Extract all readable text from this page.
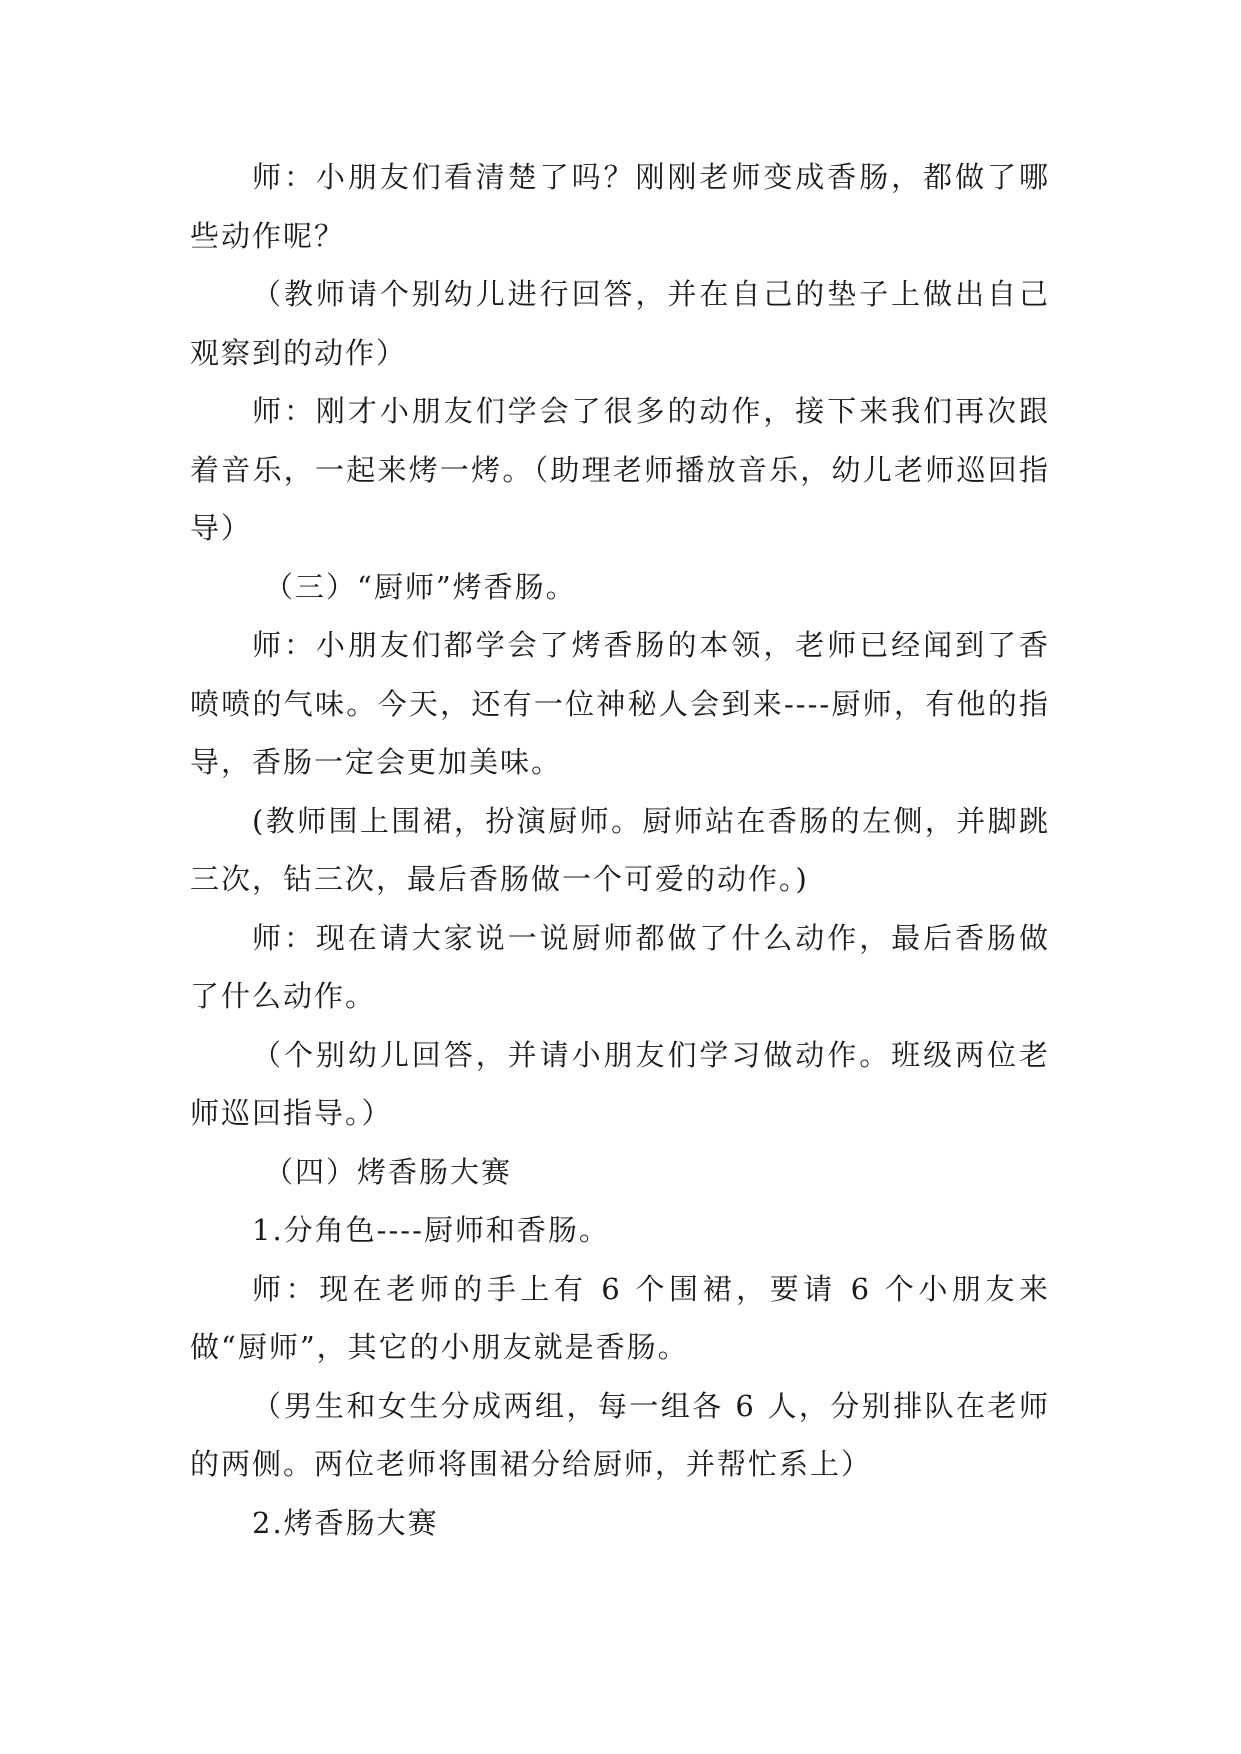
师：小朋友们看清楚了吗？刚刚老师变成香肠，都做了哪些动作呢？

（教师请个别幼儿进行回答，并在自己的垫子上做出自己观察到的动作）

师：刚才小朋友们学会了很多的动作，接下来我们再次跟着音乐，一起来烤一烤。（助理老师播放音乐，幼儿老师巡回指导）

（三）“厨师”烤香肠。

师：小朋友们都学会了烤香肠的本领，老师已经闻到了香喷喷的气味。今天，还有一位神秘人会到来----厨师，有他的指导，香肠一定会更加美味。

(教师围上围裙，扮演厨师。厨师站在香肠的左侧，并脚跳三次，钻三次，最后香肠做一个可爱的动作。)

师：现在请大家说一说厨师都做了什么动作，最后香肠做了什么动作。

（个别幼儿回答，并请小朋友们学习做动作。班级两位老师巡回指导。）

（四）烤香肠大赛

1.分角色----厨师和香肠。

师：现在老师的手上有 6 个围裙，要请 6 个小朋友来做“厨师”，其它的小朋友就是香肠。

（男生和女生分成两组，每一组各 6 人，分别排队在老师的两侧。两位老师将围裙分给厨师，并帮忙系上）

2.烤香肠大赛
